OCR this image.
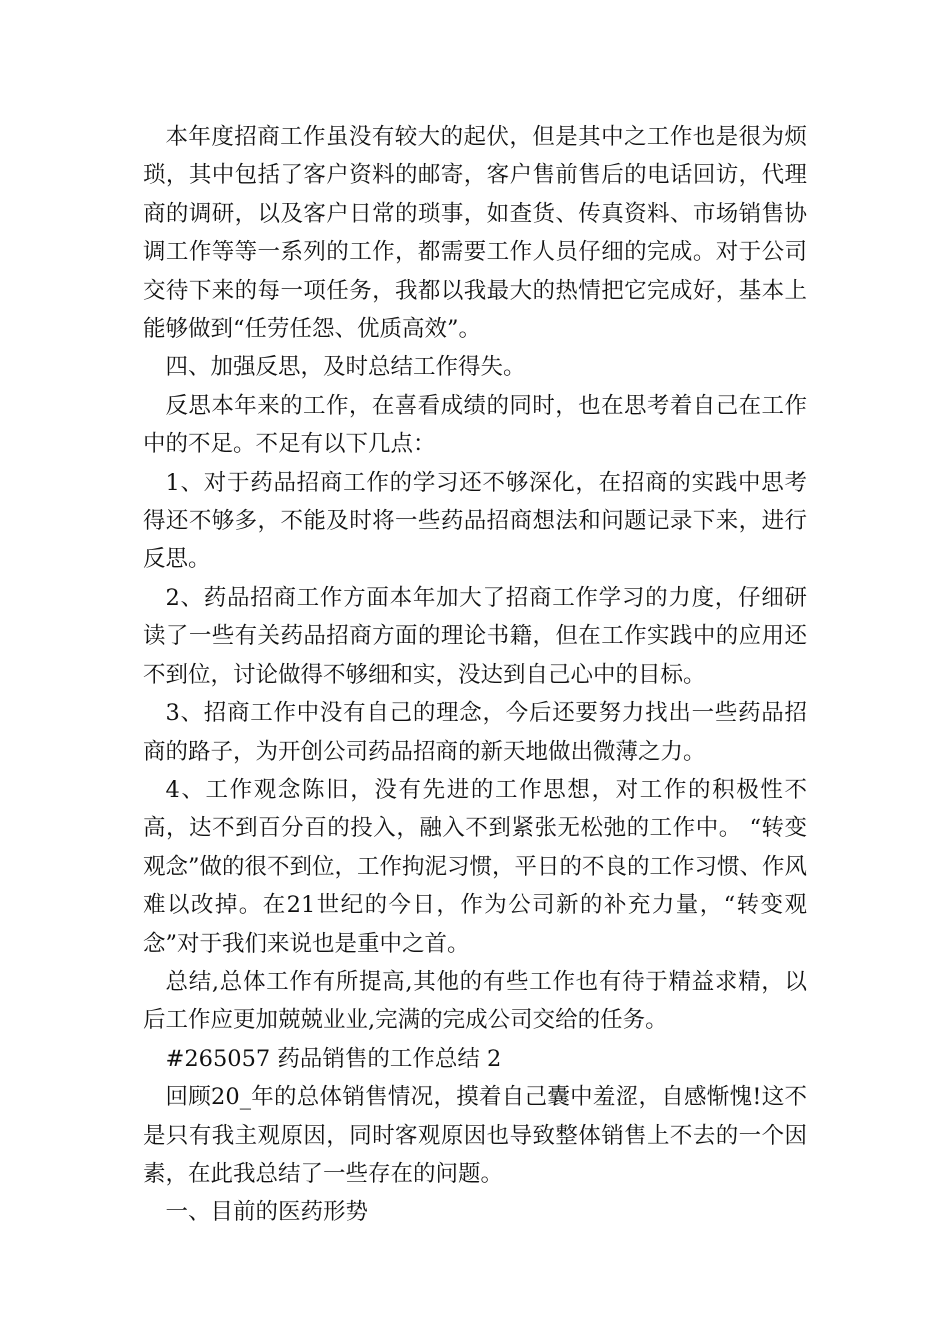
本年度招商工作虽没有较大的起伏，但是其中之工作也是很为烦琐，其中包括了客户资料的邮寄，客户售前售后的电话回访，代理商的调研，以及客户日常的琐事，如查货、传真资料、市场销售协调工作等等一系列的工作，都需要工作人员仔细的完成。对于公司交待下来的每一项任务，我都以我最大的热情把它完成好，基本上能够做到“任劳任怨、优质高效”。

四、加强反思，及时总结工作得失。

反思本年来的工作，在喜看成绩的同时，也在思考着自己在工作中的不足。不足有以下几点：

1、对于药品招商工作的学习还不够深化，在招商的实践中思考得还不够多，不能及时将一些药品招商想法和问题记录下来，进行反思。

2、药品招商工作方面本年加大了招商工作学习的力度，仔细研读了一些有关药品招商方面的理论书籍，但在工作实践中的应用还不到位，讨论做得不够细和实，没达到自己心中的目标。

3、招商工作中没有自己的理念，今后还要努力找出一些药品招商的路子，为开创公司药品招商的新天地做出微薄之力。

4、工作观念陈旧，没有先进的工作思想，对工作的积极性不高，达不到百分百的投入，融入不到紧张无松弛的工作中。 “转变观念”做的很不到位，工作拘泥习惯，平日的不良的工作习惯、作风难以改掉。在21世纪的今日，作为公司新的补充力量，“转变观念”对于我们来说也是重中之首。

总结,总体工作有所提高,其他的有些工作也有待于精益求精，以后工作应更加兢兢业业,完满的完成公司交给的任务。

#265057 药品销售的工作总结 2

回顾20_年的总体销售情况，摸着自己囊中羞涩，自感惭愧!这不是只有我主观原因，同时客观原因也导致整体销售上不去的一个因素，在此我总结了一些存在的问题。

一、目前的医药形势
